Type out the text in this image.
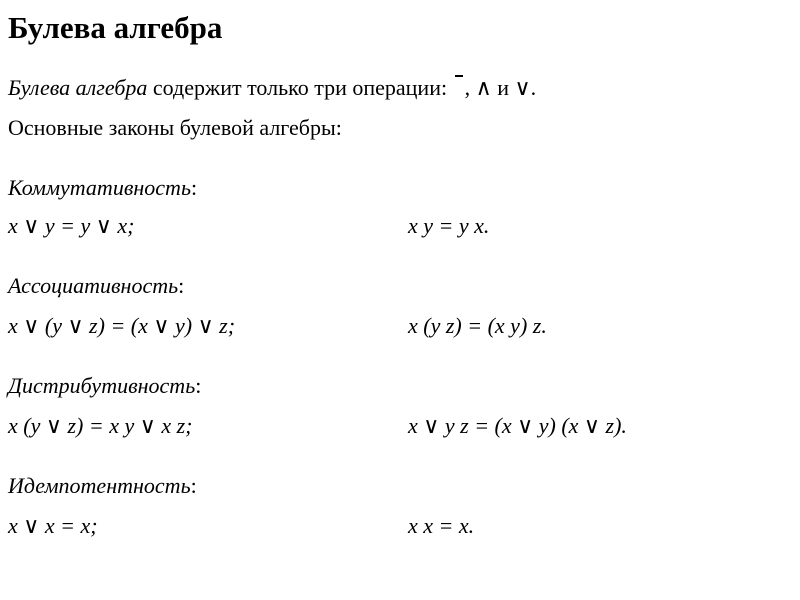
Булева алгебра
Булева алгебра содержит только три операции: , ∧ и ∨.
Основные законы булевой алгебры:
Коммутативность:
x ∨ y = y ∨ x;	x y = y x.
Ассоциативность:
x ∨ (y ∨ z) = (x ∨ y) ∨ z;	x (y z) = (x y) z.
Дистрибутивность:
x (y ∨ z) = x y ∨ x z;	x ∨ y z = (x ∨ y) (x ∨ z).
Идемпотентность:
x ∨ x = x;	x x = x.
